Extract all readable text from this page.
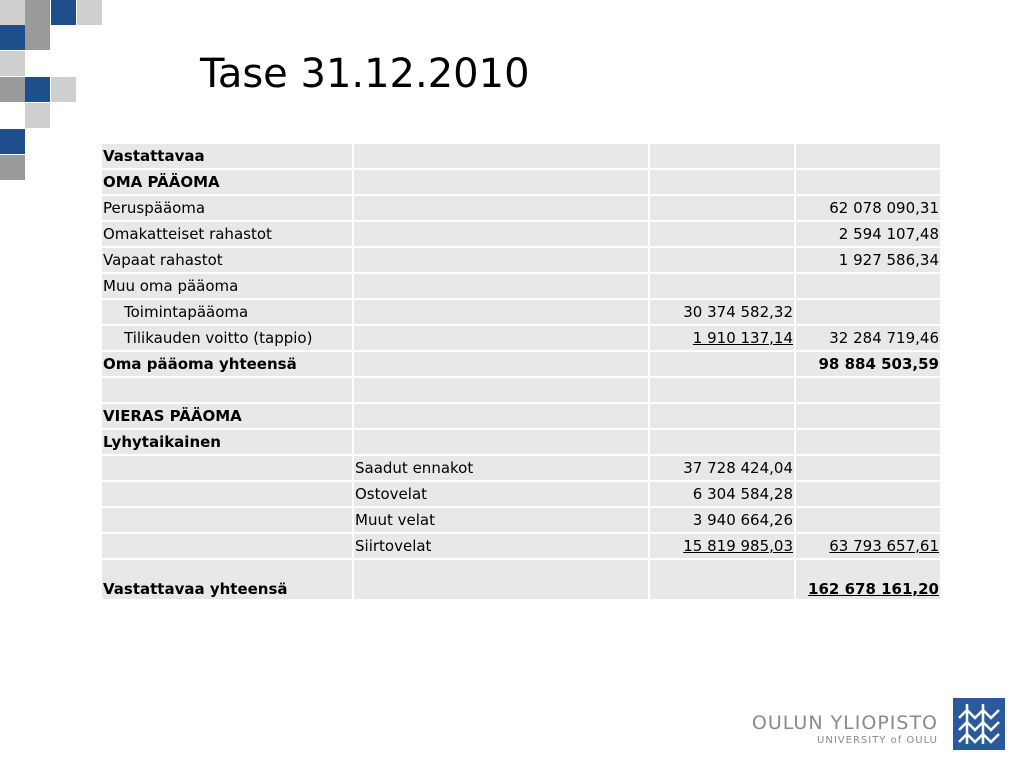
Tase 31.12.2010
Vastattavaa			
OMA PÄÄOMA			
Peruspääoma			62 078 090,31
Omakatteiset rahastot			2 594 107,48
Vapaat rahastot			1 927 586,34
Muu oma pääoma			
Toimintapääoma		30 374 582,32	
Tilikauden voitto (tappio)		1 910 137,14	32 284 719,46
Oma pääoma yhteensä			98 884 503,59

VIERAS PÄÄOMA			
Lyhytaikainen			
	Saadut ennakot	37 728 424,04	
	Ostovelat	6 304 584,28	
	Muut velat	3 940 664,26	
	Siirtovelat	15 819 985,03	63 793 657,61
Vastattavaa yhteensä			162 678 161,20
OULUN YLIOPISTO
UNIVERSITY of OULU
